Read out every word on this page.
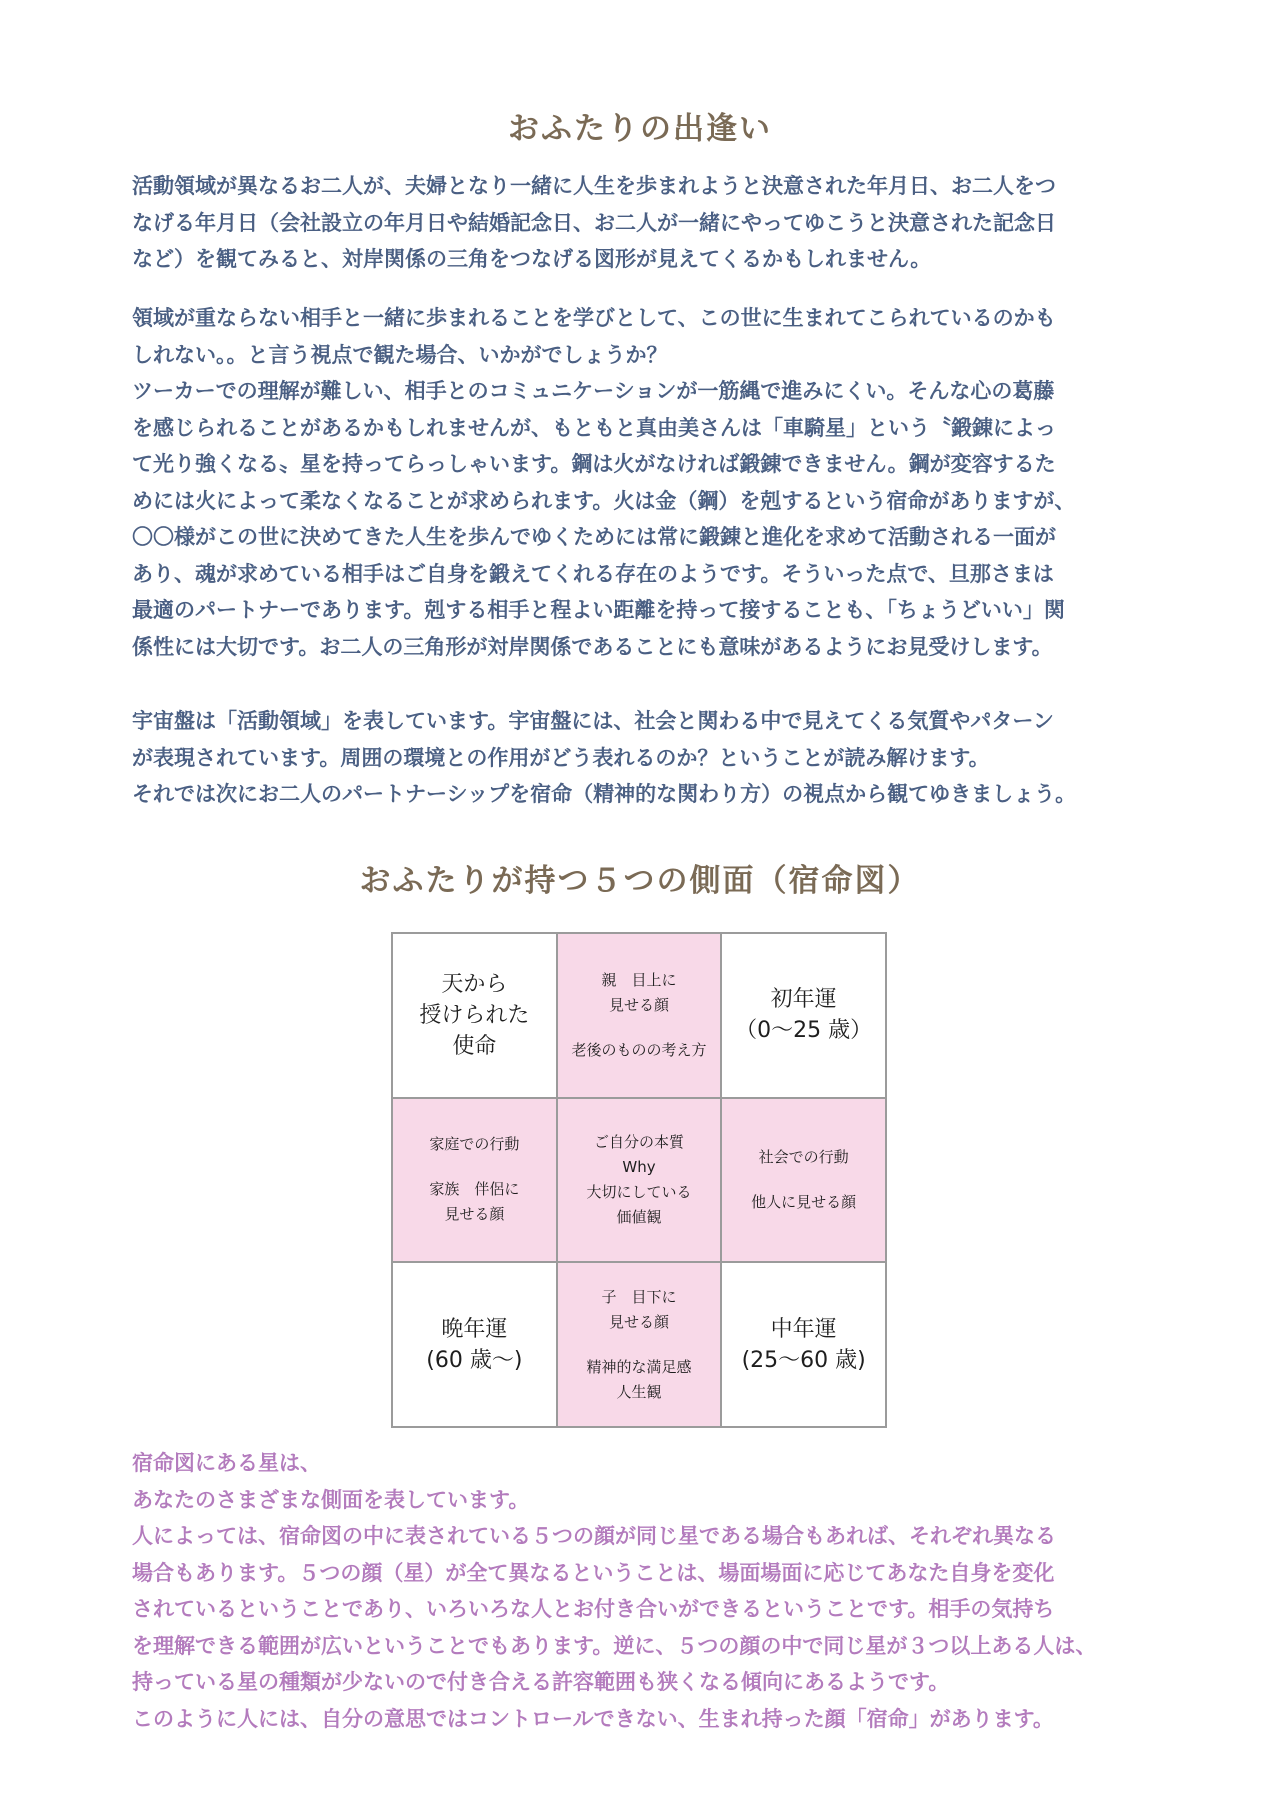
おふたりの出逢い
活動領域が異なるお二人が、夫婦となり一緒に人生を歩まれようと決意された年月日、お二人をつ
なげる年月日（会社設立の年月日や結婚記念日、お二人が一緒にやってゆこうと決意された記念日
など）を観てみると、対岸関係の三角をつなげる図形が見えてくるかもしれません。
領域が重ならない相手と一緒に歩まれることを学びとして、この世に生まれてこられているのかも
しれない。。と言う視点で観た場合、いかがでしょうか？
ツーカーでの理解が難しい、相手とのコミュニケーションが一筋縄で進みにくい。そんな心の葛藤
を感じられることがあるかもしれませんが、もともと真由美さんは「車騎星」という〝鍛錬によっ
て光り強くなる〟星を持ってらっしゃいます。鋼は火がなければ鍛錬できません。鋼が変容するた
めには火によって柔なくなることが求められます。火は金（鋼）を剋するという宿命がありますが、
〇〇様がこの世に決めてきた人生を歩んでゆくためには常に鍛錬と進化を求めて活動される一面が
あり、魂が求めている相手はご自身を鍛えてくれる存在のようです。そういった点で、旦那さまは
最適のパートナーであります。剋する相手と程よい距離を持って接することも、「ちょうどいい」関
係性には大切です。お二人の三角形が対岸関係であることにも意味があるようにお見受けします。
宇宙盤は「活動領域」を表しています。宇宙盤には、社会と関わる中で見えてくる気質やパターン
が表現されています。周囲の環境との作用がどう表れるのか？ということが読み解けます。
それでは次にお二人のパートナーシップを宿命（精神的な関わり方）の視点から観てゆきましょう。
おふたりが持つ５つの側面（宿命図）
天から
授けられた
使命
親　目上に
見せる顔
老後のものの考え方
初年運
（0～25 歳）
家庭での行動
家族　伴侶に
見せる顔
ご自分の本質
Why
大切にしている
価値観
社会での行動
他人に見せる顔
晩年運
(60 歳～)
子　目下に
見せる顔
精神的な満足感
人生観
中年運
(25～60 歳)
宿命図にある星は、
あなたのさまざまな側面を表しています。
人によっては、宿命図の中に表されている５つの顔が同じ星である場合もあれば、それぞれ異なる
場合もあります。５つの顔（星）が全て異なるということは、場面場面に応じてあなた自身を変化
されているということであり、いろいろな人とお付き合いができるということです。相手の気持ち
を理解できる範囲が広いということでもあります。逆に、５つの顔の中で同じ星が３つ以上ある人は、
持っている星の種類が少ないので付き合える許容範囲も狭くなる傾向にあるようです。
このように人には、自分の意思ではコントロールできない、生まれ持った顔「宿命」があります。
